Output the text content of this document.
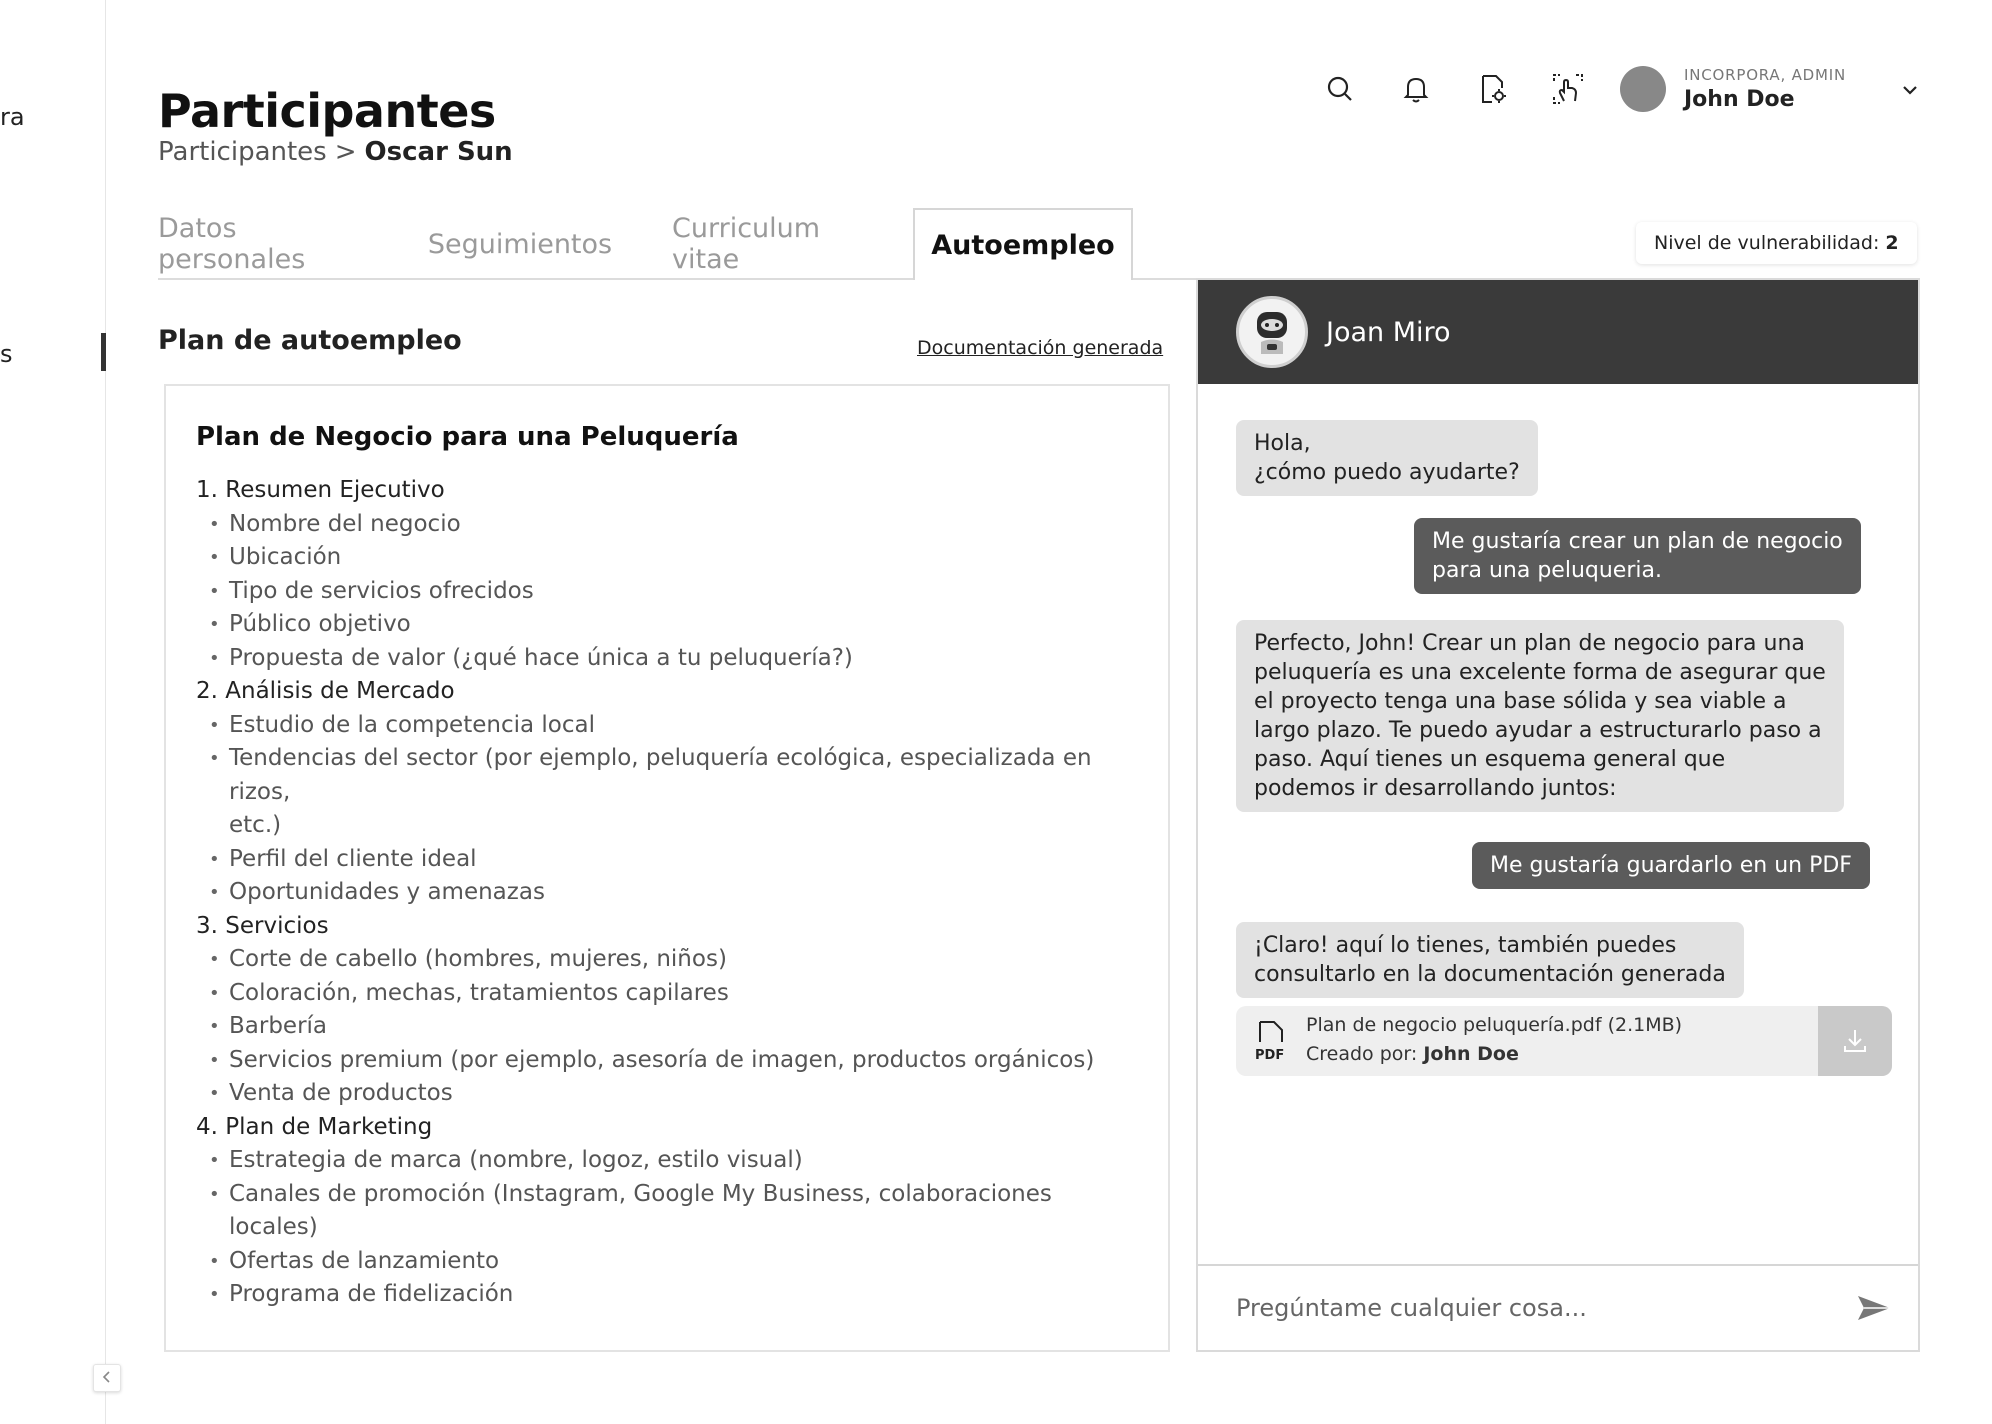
ra
s
Participantes
Participantes > Oscar Sun
INCORPORA, ADMIN
John Doe
Datos personales	Seguimientos Curriculum vitae	Autoempleo	Nivel de vulnerabilidad: 2
Plan de autoempleo	Documentación generada
Plan de Negocio para una Peluquería
1. Resumen Ejecutivo
• Nombre del negocio
• Ubicación
• Tipo de servicios ofrecidos
• Público objetivo
• Propuesta de valor (¿qué hace única a tu peluquería?)
2. Análisis de Mercado
• Estudio de la competencia local
• Tendencias del sector (por ejemplo, peluquería ecológica, especializada en rizos,
etc.)
• Perfil del cliente ideal
• Oportunidades y amenazas
3. Servicios
• Corte de cabello (hombres, mujeres, niños)
• Coloración, mechas, tratamientos capilares
• Barbería
• Servicios premium (por ejemplo, asesoría de imagen, productos orgánicos)
• Venta de productos
4. Plan de Marketing
• Estrategia de marca (nombre, logoz, estilo visual)
• Canales de promoción (Instagram, Google My Business, colaboraciones locales)
• Ofertas de lanzamiento
• Programa de fidelización
Joan Miro
Hola,
¿cómo puedo ayudarte?
Me gustaría crear un plan de negocio
para una peluqueria.
Perfecto, John! Crear un plan de negocio para una
peluquería es una excelente forma de asegurar que
el proyecto tenga una base sólida y sea viable a
largo plazo. Te puedo ayudar a estructurarlo paso a
paso. Aquí tienes un esquema general que
podemos ir desarrollando juntos:
Me gustaría guardarlo en un PDF
¡Claro! aquí lo tienes, también puedes
consultarlo en la documentación generada
PDF
Plan de negocio peluquería.pdf (2.1MB)
Creado por: John Doe
Pregúntame cualquier cosa...
